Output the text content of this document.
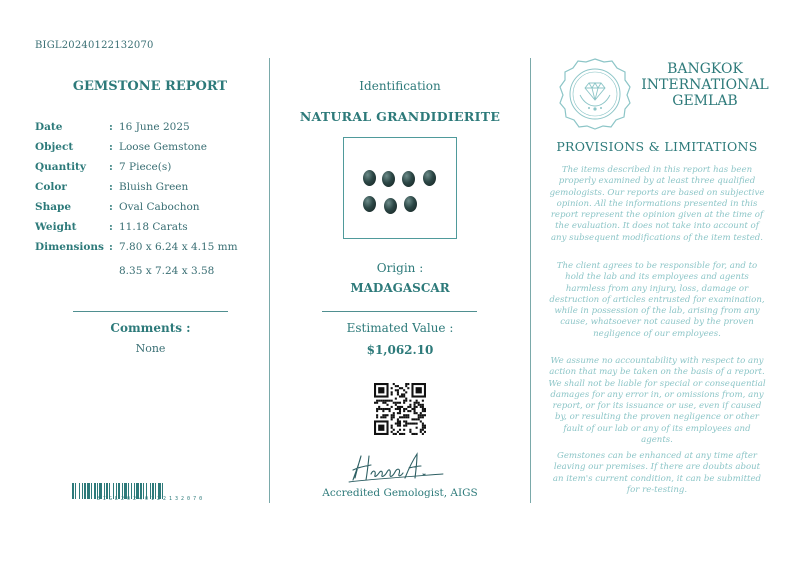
BIGL20240122132070
GEMSTONE REPORT
Date	: 16 June 2025
Object	: Loose Gemstone
Quantity : 7 Piece(s)
Color	: Bluish Green
Shape	: Oval Cabochon
Weight	: 11.18 Carats
Dimensions : 7.80 x 6.24 x 4.15 mm
8.35 x 7.24 x 3.58
Comments :
None
BIGL20240122132070
Identification
NATURAL GRANDIDIERITE
Origin :
MADAGASCAR
Estimated Value :
$1,062.10
Accredited Gemologist, AIGS
BANGKOK
INTERNATIONAL
GEMLAB
PROVISIONS & LIMITATIONS
The items described in this report has been properly examined by at least three qualified gemologists. Our reports are based on subjective opinion. All the informations presented in this report represent the opinion given at the time of the evaluation. It does not take into account of any subsequent modifications of the item tested.
The client agrees to be responsible for, and to hold the lab and its employees and agents harmless from any injury, loss, damage or destruction of articles entrusted for examination, while in possession of the lab, arising from any cause, whatsoever not caused by the proven negligence of our employees.
We assume no accountability with respect to any action that may be taken on the basis of a report. We shall not be liable for special or consequential damages for any error in, or omissions from, any report, or for its issuance or use, even if caused by, or resulting the proven negligence or other fault of our lab or any of its employees and agents.
Gemstones can be enhanced at any time after leaving our premises. If there are doubts about an item's current condition, it can be submitted for re-testing.
